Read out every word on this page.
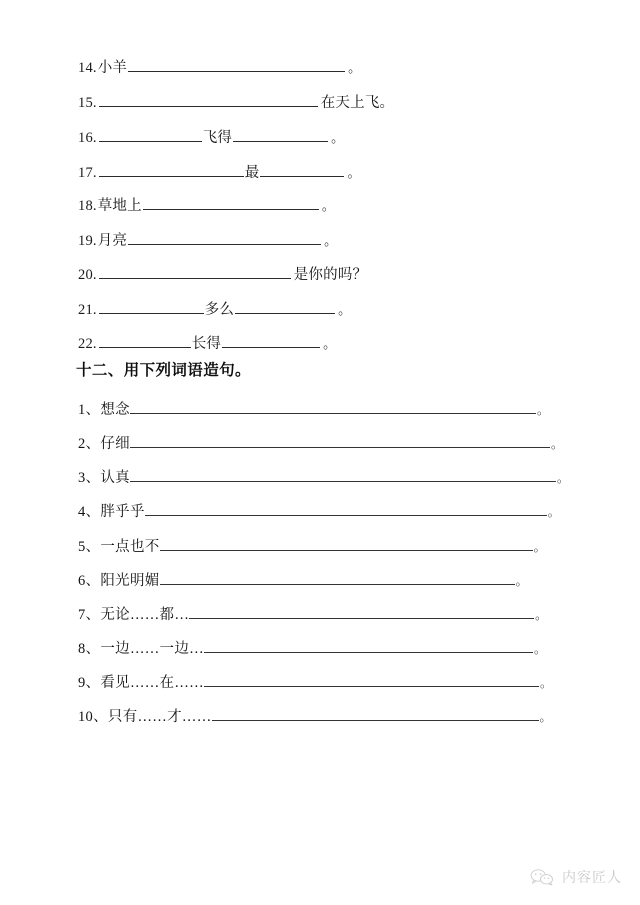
14. 小羊	。
15.	在天上飞。
16.	飞得	。
17.	最	。
18. 草地上	。
19. 月亮	。
20.	是你的吗？
21.	多么	。
22.	长得	。
十二、用下列词语造句。
1、想念	。
2、仔细	。
3、认真	。
4、胖乎乎	。
5、一点也不	。
6、阳光明媚	。
7、无论……都…	。
8、一边……一边…	。
9、看见……在……	。
10、只有……才……	。
内容匠人
